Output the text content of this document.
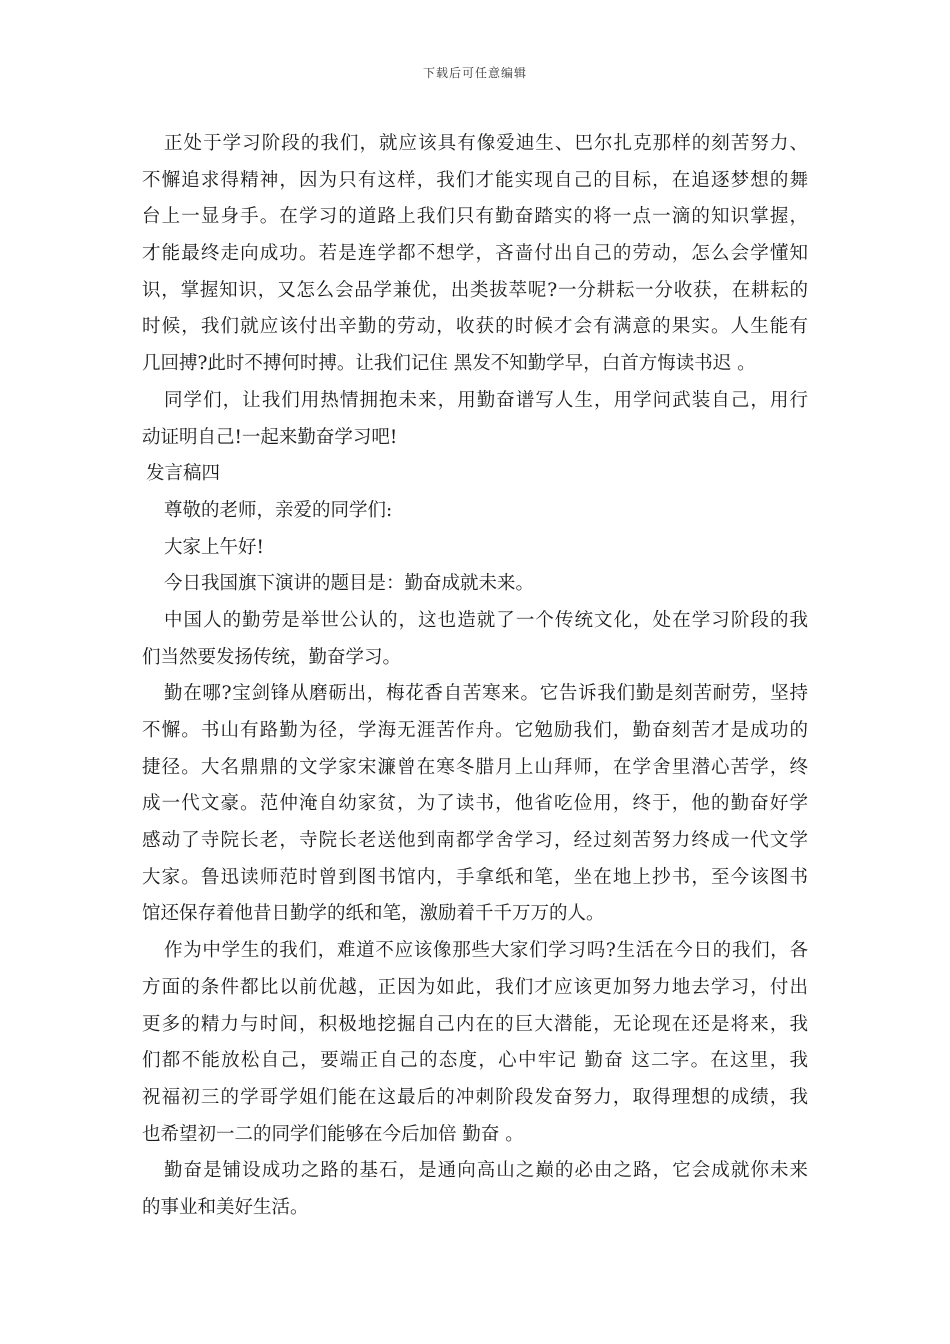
下载后可任意编辑
正处于学习阶段的我们，就应该具有像爱迪生、巴尔扎克那样的刻苦努力、
不懈追求得精神，因为只有这样，我们才能实现自己的目标，在追逐梦想的舞
台上一显身手。在学习的道路上我们只有勤奋踏实的将一点一滴的知识掌握，
才能最终走向成功。若是连学都不想学，吝啬付出自己的劳动，怎么会学懂知
识，掌握知识，又怎么会品学兼优，出类拔萃呢?一分耕耘一分收获，在耕耘的
时候，我们就应该付出辛勤的劳动，收获的时候才会有满意的果实。人生能有
几回搏?此时不搏何时搏。让我们记住 黑发不知勤学早，白首方悔读书迟 。
同学们，让我们用热情拥抱未来，用勤奋谱写人生，用学问武装自己，用行
动证明自己!一起来勤奋学习吧!
发言稿四
尊敬的老师，亲爱的同学们:
大家上午好!
今日我国旗下演讲的题目是：勤奋成就未来。
中国人的勤劳是举世公认的，这也造就了一个传统文化，处在学习阶段的我
们当然要发扬传统，勤奋学习。
勤在哪?宝剑锋从磨砺出，梅花香自苦寒来。它告诉我们勤是刻苦耐劳，坚持
不懈。书山有路勤为径，学海无涯苦作舟。它勉励我们，勤奋刻苦才是成功的
捷径。大名鼎鼎的文学家宋濂曾在寒冬腊月上山拜师，在学舍里潜心苦学，终
成一代文豪。范仲淹自幼家贫，为了读书，他省吃俭用，终于，他的勤奋好学
感动了寺院长老，寺院长老送他到南都学舍学习，经过刻苦努力终成一代文学
大家。鲁迅读师范时曾到图书馆内，手拿纸和笔，坐在地上抄书，至今该图书
馆还保存着他昔日勤学的纸和笔，激励着千千万万的人。
作为中学生的我们，难道不应该像那些大家们学习吗?生活在今日的我们，各
方面的条件都比以前优越，正因为如此，我们才应该更加努力地去学习，付出
更多的精力与时间，积极地挖掘自己内在的巨大潜能，无论现在还是将来，我
们都不能放松自己，要端正自己的态度，心中牢记 勤奋 这二字。在这里，我
祝福初三的学哥学姐们能在这最后的冲刺阶段发奋努力，取得理想的成绩，我
也希望初一二的同学们能够在今后加倍 勤奋 。
勤奋是铺设成功之路的基石，是通向高山之巅的必由之路，它会成就你未来
的事业和美好生活。
